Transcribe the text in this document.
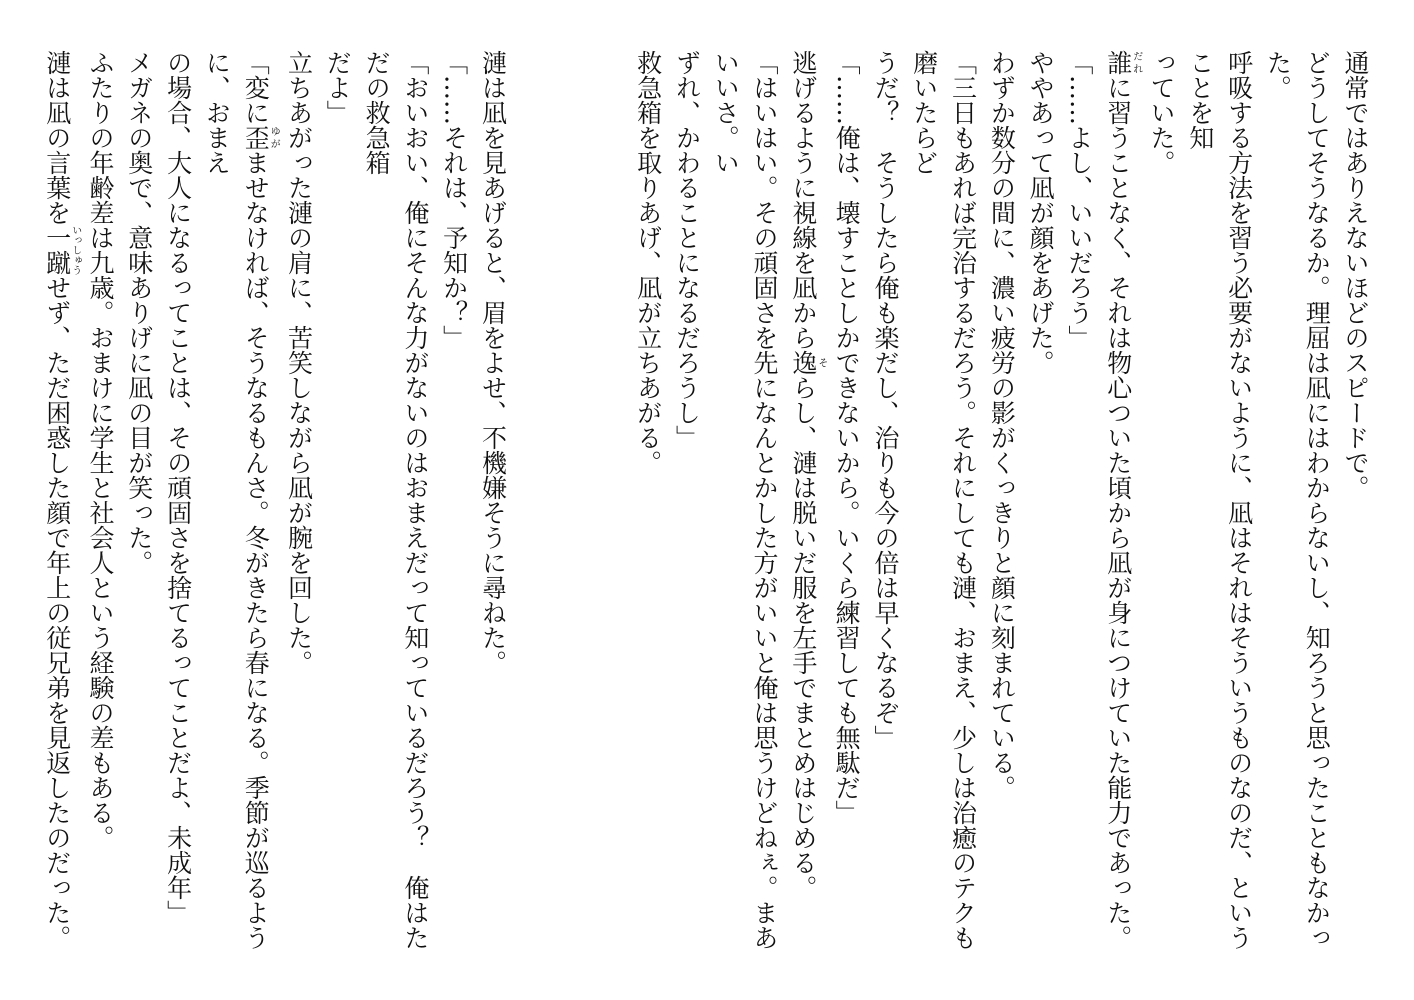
通常ではありえないほどのスピードで。

どうしてそうなるか。理屈は凪にはわからないし、知ろうと思ったこともなかった。

呼吸する方法を習う必要がないように、凪はそれはそういうものなのだ、ということを知

っていた。

誰だれに習うことなく、それは物心ついた頃から凪が身につけていた能力であった。

「……よし、いいだろう」

ややあって凪が顔をあげた。

わずか数分の間に、濃い疲労の影がくっきりと顔に刻まれている。

「三日もあれば完治するだろう。それにしても漣、おまえ、少しは治癒のテクも磨いたらど

うだ？　そうしたら俺も楽だし、治りも今の倍は早くなるぞ」

「……俺は、壊すことしかできないから。いくら練習しても無駄だ」

逃げるように視線を凪から逸そらし、漣は脱いだ服を左手でまとめはじめる。

「はいはい。その頑固さを先になんとかした方がいいと俺は思うけどねぇ。まあいいさ。い

ずれ、かわることになるだろうし」

救急箱を取りあげ、凪が立ちあがる。

漣は凪を見あげると、眉をよせ、不機嫌そうに尋ねた。

「……それは、予知か？」

「おいおい、俺にそんな力がないのはおまえだって知っているだろう？　俺はただの救急箱

だよ」

立ちあがった漣の肩に、苦笑しながら凪が腕を回した。

「変に歪ゆがませなければ、そうなるもんさ。冬がきたら春になる。季節が巡るように、おまえ

の場合、大人になるってことは、その頑固さを捨てるってことだよ、未成年」

メガネの奥で、意味ありげに凪の目が笑った。

ふたりの年齢差は九歳。おまけに学生と社会人という経験の差もある。

漣は凪の言葉を一蹴いっしゅうせず、ただ困惑した顔で年上の従兄弟を見返したのだった。
